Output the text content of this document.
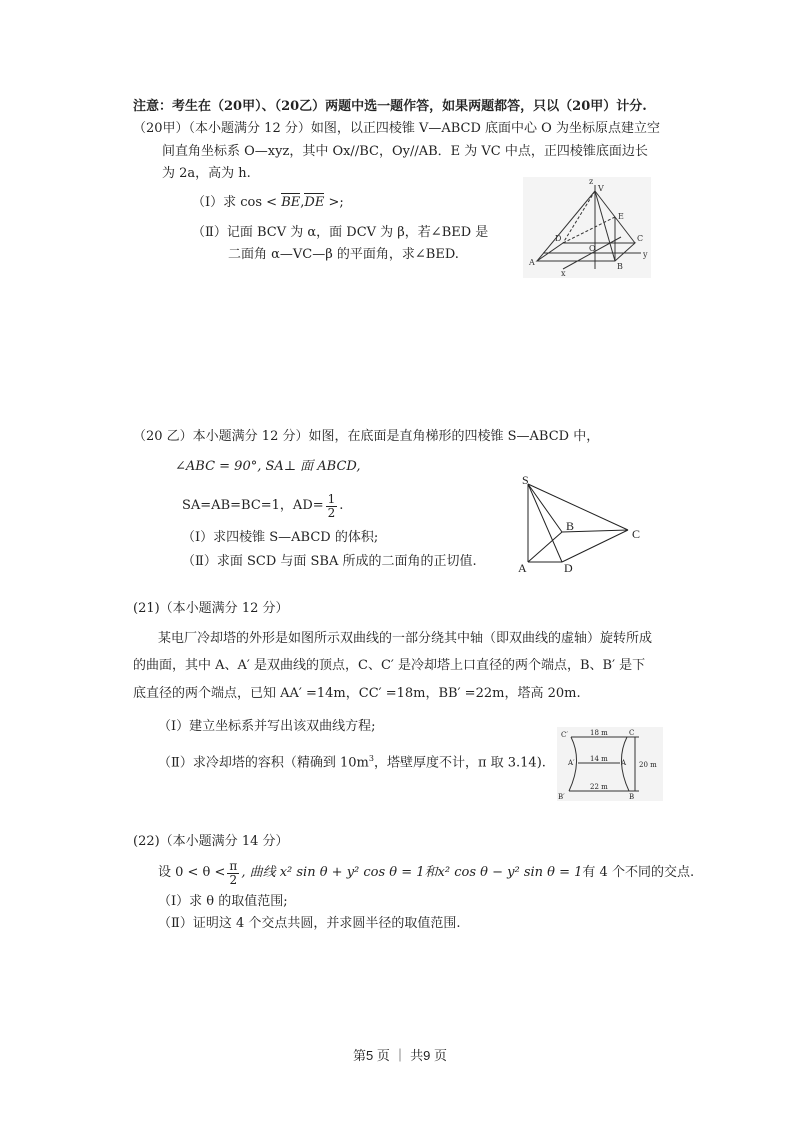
注意：考生在（20甲）、（20乙）两题中选一题作答，如果两题都答，只以（20甲）计分.
（20甲）（本小题满分 12 分）如图，以正四棱锥 V—ABCD 底面中心 O 为坐标原点建立空
间直角坐标系 O—xyz，其中 Ox//BC，Oy//AB．E 为 VC 中点，正四棱锥底面边长
为 2a，高为 h.
（Ⅰ）求 cos < BE,DE >;
（Ⅱ）记面 BCV 为 α，面 DCV 为 β，若∠BED 是
二面角 α—VC—β 的平面角，求∠BED.
z
V
E
D
O
C
A	B
y
x
（20 乙）本小题满分 12 分）如图，在底面是直角梯形的四棱锥 S—ABCD 中，
∠ABC = 90°, SA⊥ 面 ABCD,
SA=AB=BC=1，$AD= \frac{1}{2}$ .
（Ⅰ）求四棱锥 S—ABCD 的体积;
（Ⅱ）求面 SCD 与面 SBA 所成的二面角的正切值.
S
B
C
A	D
(21)（本小题满分 12 分）
某电厂冷却塔的外形是如图所示双曲线的一部分绕其中轴（即双曲线的虚轴）旋转所成
的曲面，其中 A、A′ 是双曲线的顶点，C、C′ 是冷却塔上口直径的两个端点，B、B′ 是下
底直径的两个端点，已知 AA′ =14m，CC′ =18m，BB′ =22m，塔高 20m.
（Ⅰ）建立坐标系并写出该双曲线方程;
（Ⅱ）求冷却塔的容积（精确到 $10m^3$，塔壁厚度不计，π 取 3.14).
18 m
14 m
22 m
20 m
C′	C
A′	A
B′	B
(22)（本小题满分 14 分）
设 $0 < \theta < \frac{\pi}{2}$ , 曲线 x² sin θ + y² cos θ = 1和x² cos θ − y² sin θ = 1 有 4 个不同的交点.
（Ⅰ）求 θ 的取值范围;
（Ⅱ）证明这 4 个交点共圆，并求圆半径的取值范围.
第5 页 ｜ 共9 页
